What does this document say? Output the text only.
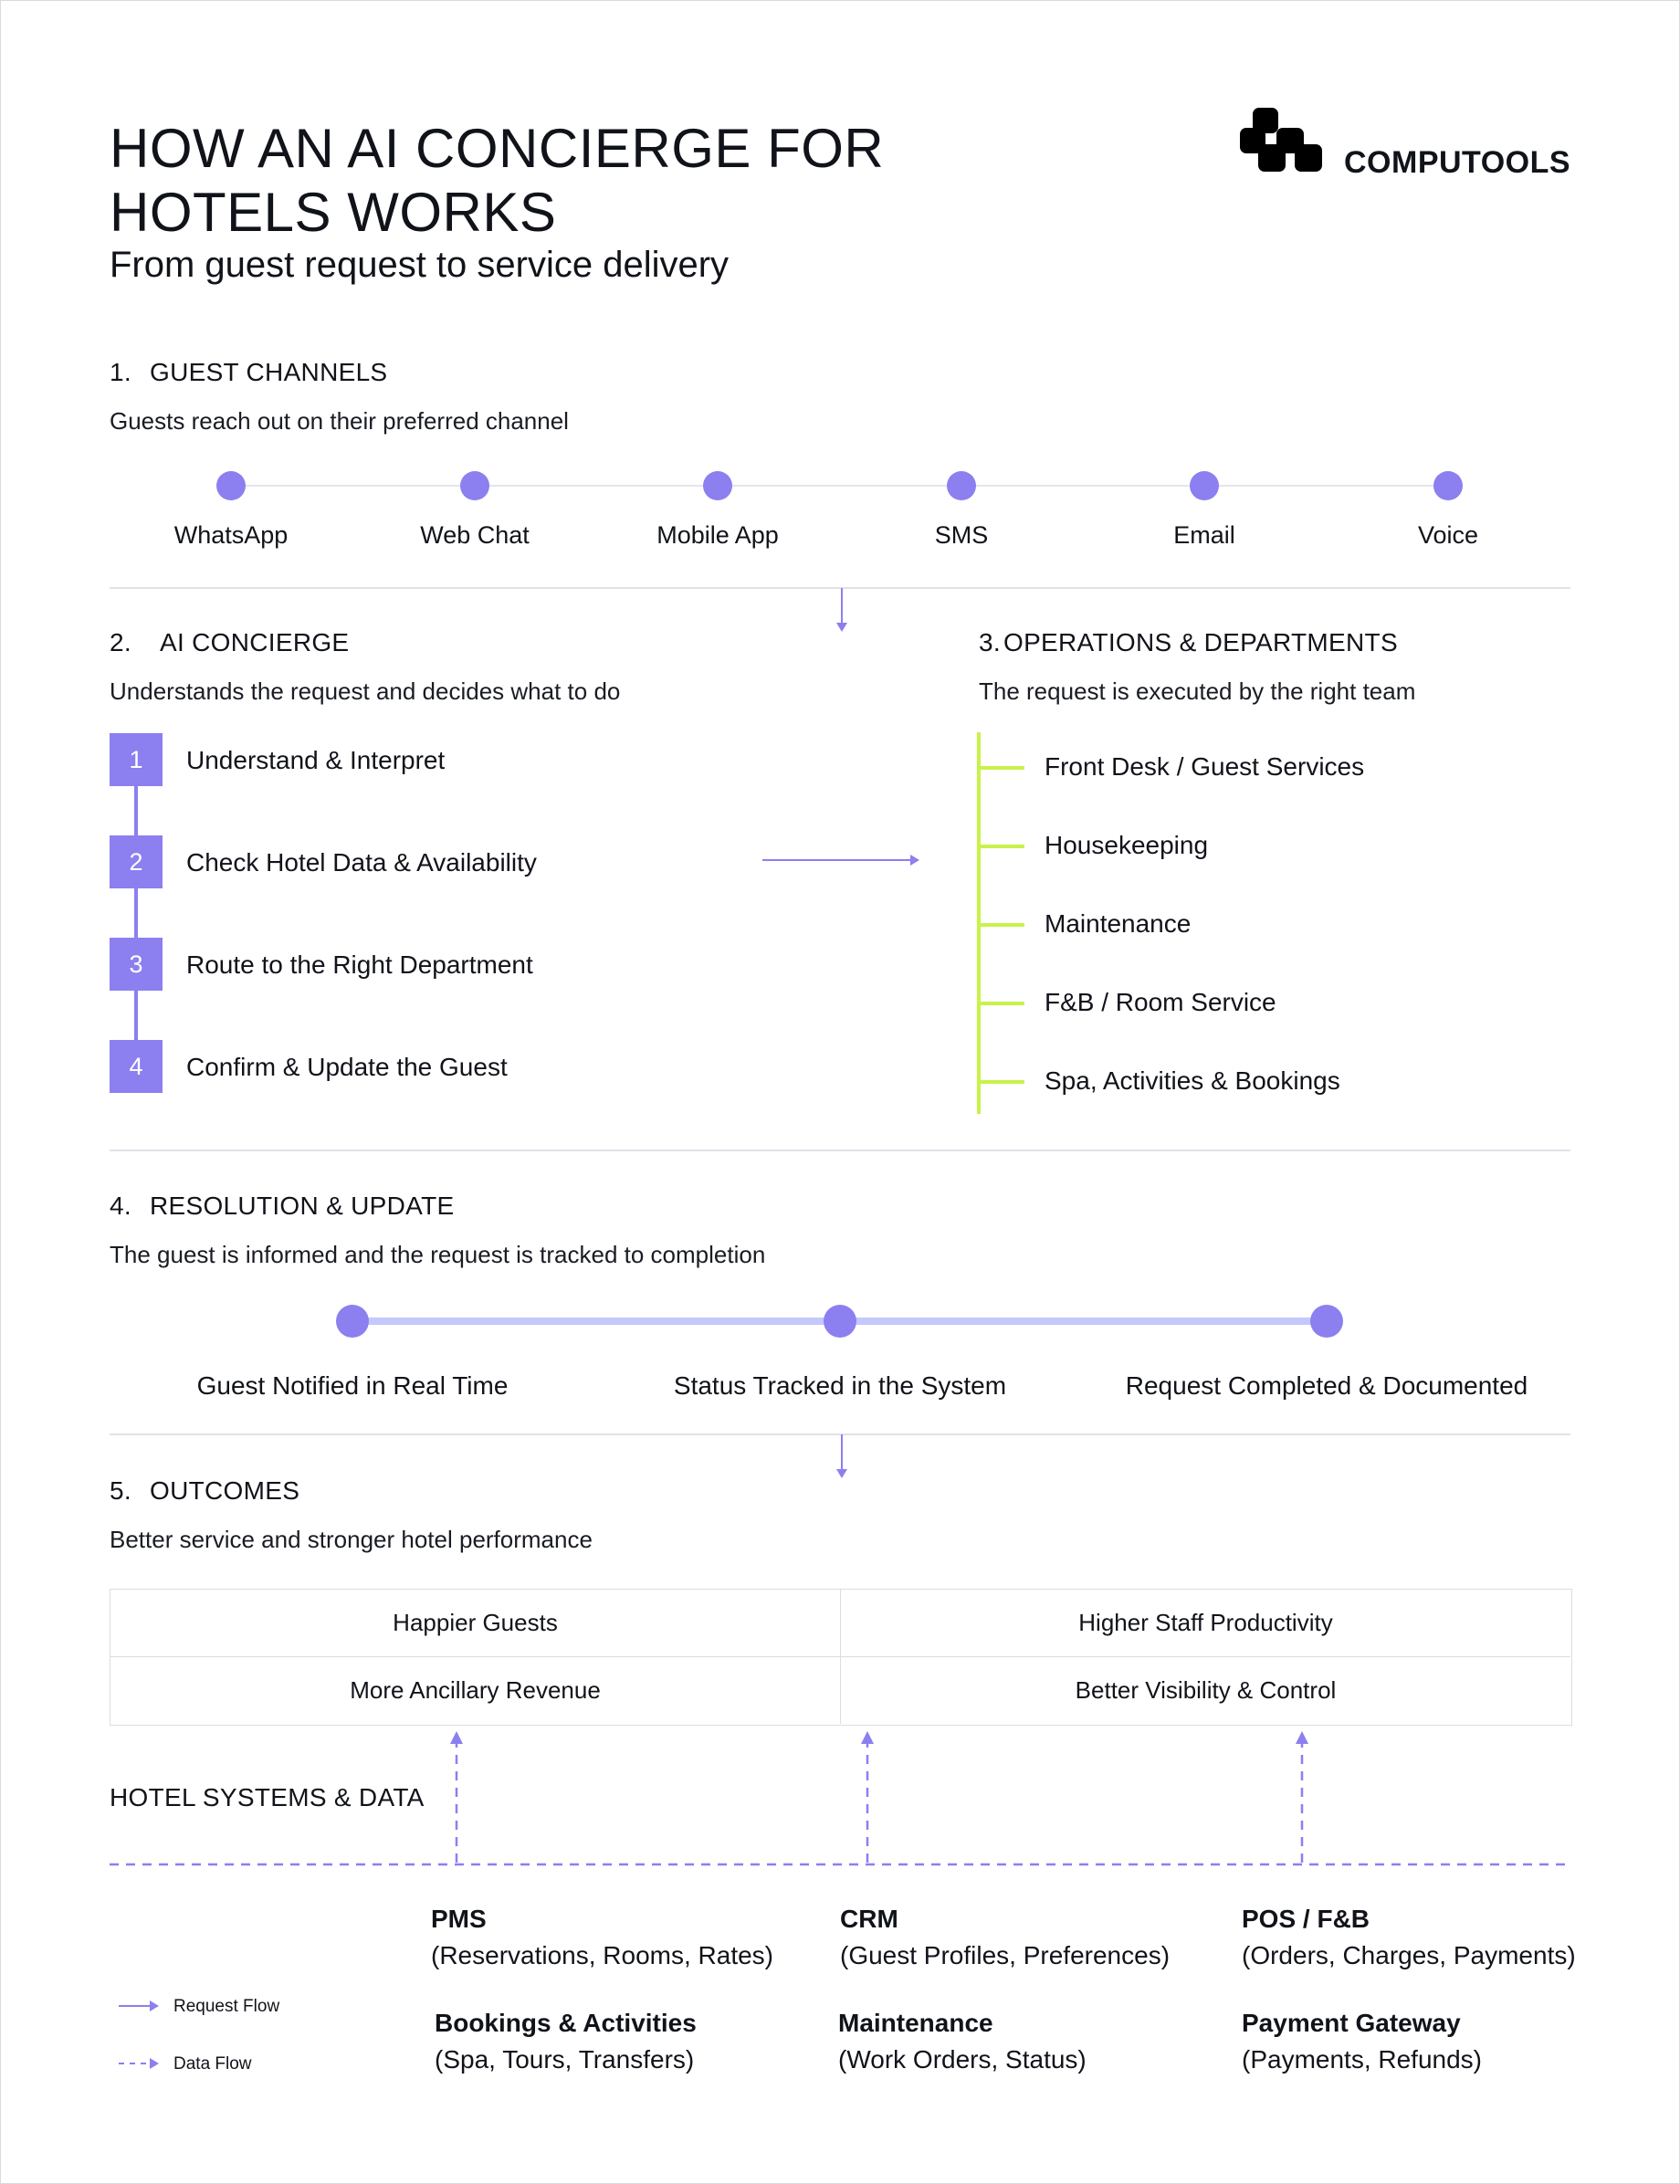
HOW AN AI CONCIERGE FOR HOTELS WORKS
From guest request to service delivery
COMPUTOOLS
1. GUEST CHANNELS
Guests reach out on their preferred channel
WhatsApp	Web Chat	Mobile App	SMS	Email	Voice
2. AI CONCIERGE
Understands the request and decides what to do
1
2
3
4
Understand & Interpret
Check Hotel Data & Availability
Route to the Right Department
Confirm & Update the Guest
3. OPERATIONS & DEPARTMENTS
The request is executed by the right team
Front Desk / Guest Services
Housekeeping
Maintenance
F&B / Room Service
Spa, Activities & Bookings
4. RESOLUTION & UPDATE
The guest is informed and the request is tracked to completion
Guest Notified in Real Time	Status Tracked in the System	Request Completed & Documented
5. OUTCOMES
Better service and stronger hotel performance
Happier Guests	Higher Staff Productivity
More Ancillary Revenue	Better Visibility & Control
HOTEL SYSTEMS & DATA
PMS
(Reservations, Rooms, Rates)
CRM
(Guest Profiles, Preferences)
POS / F&B
(Orders, Charges, Payments)
Bookings & Activities
(Spa, Tours, Transfers)
Maintenance
(Work Orders, Status)
Payment Gateway
(Payments, Refunds)
Request Flow
Data Flow
